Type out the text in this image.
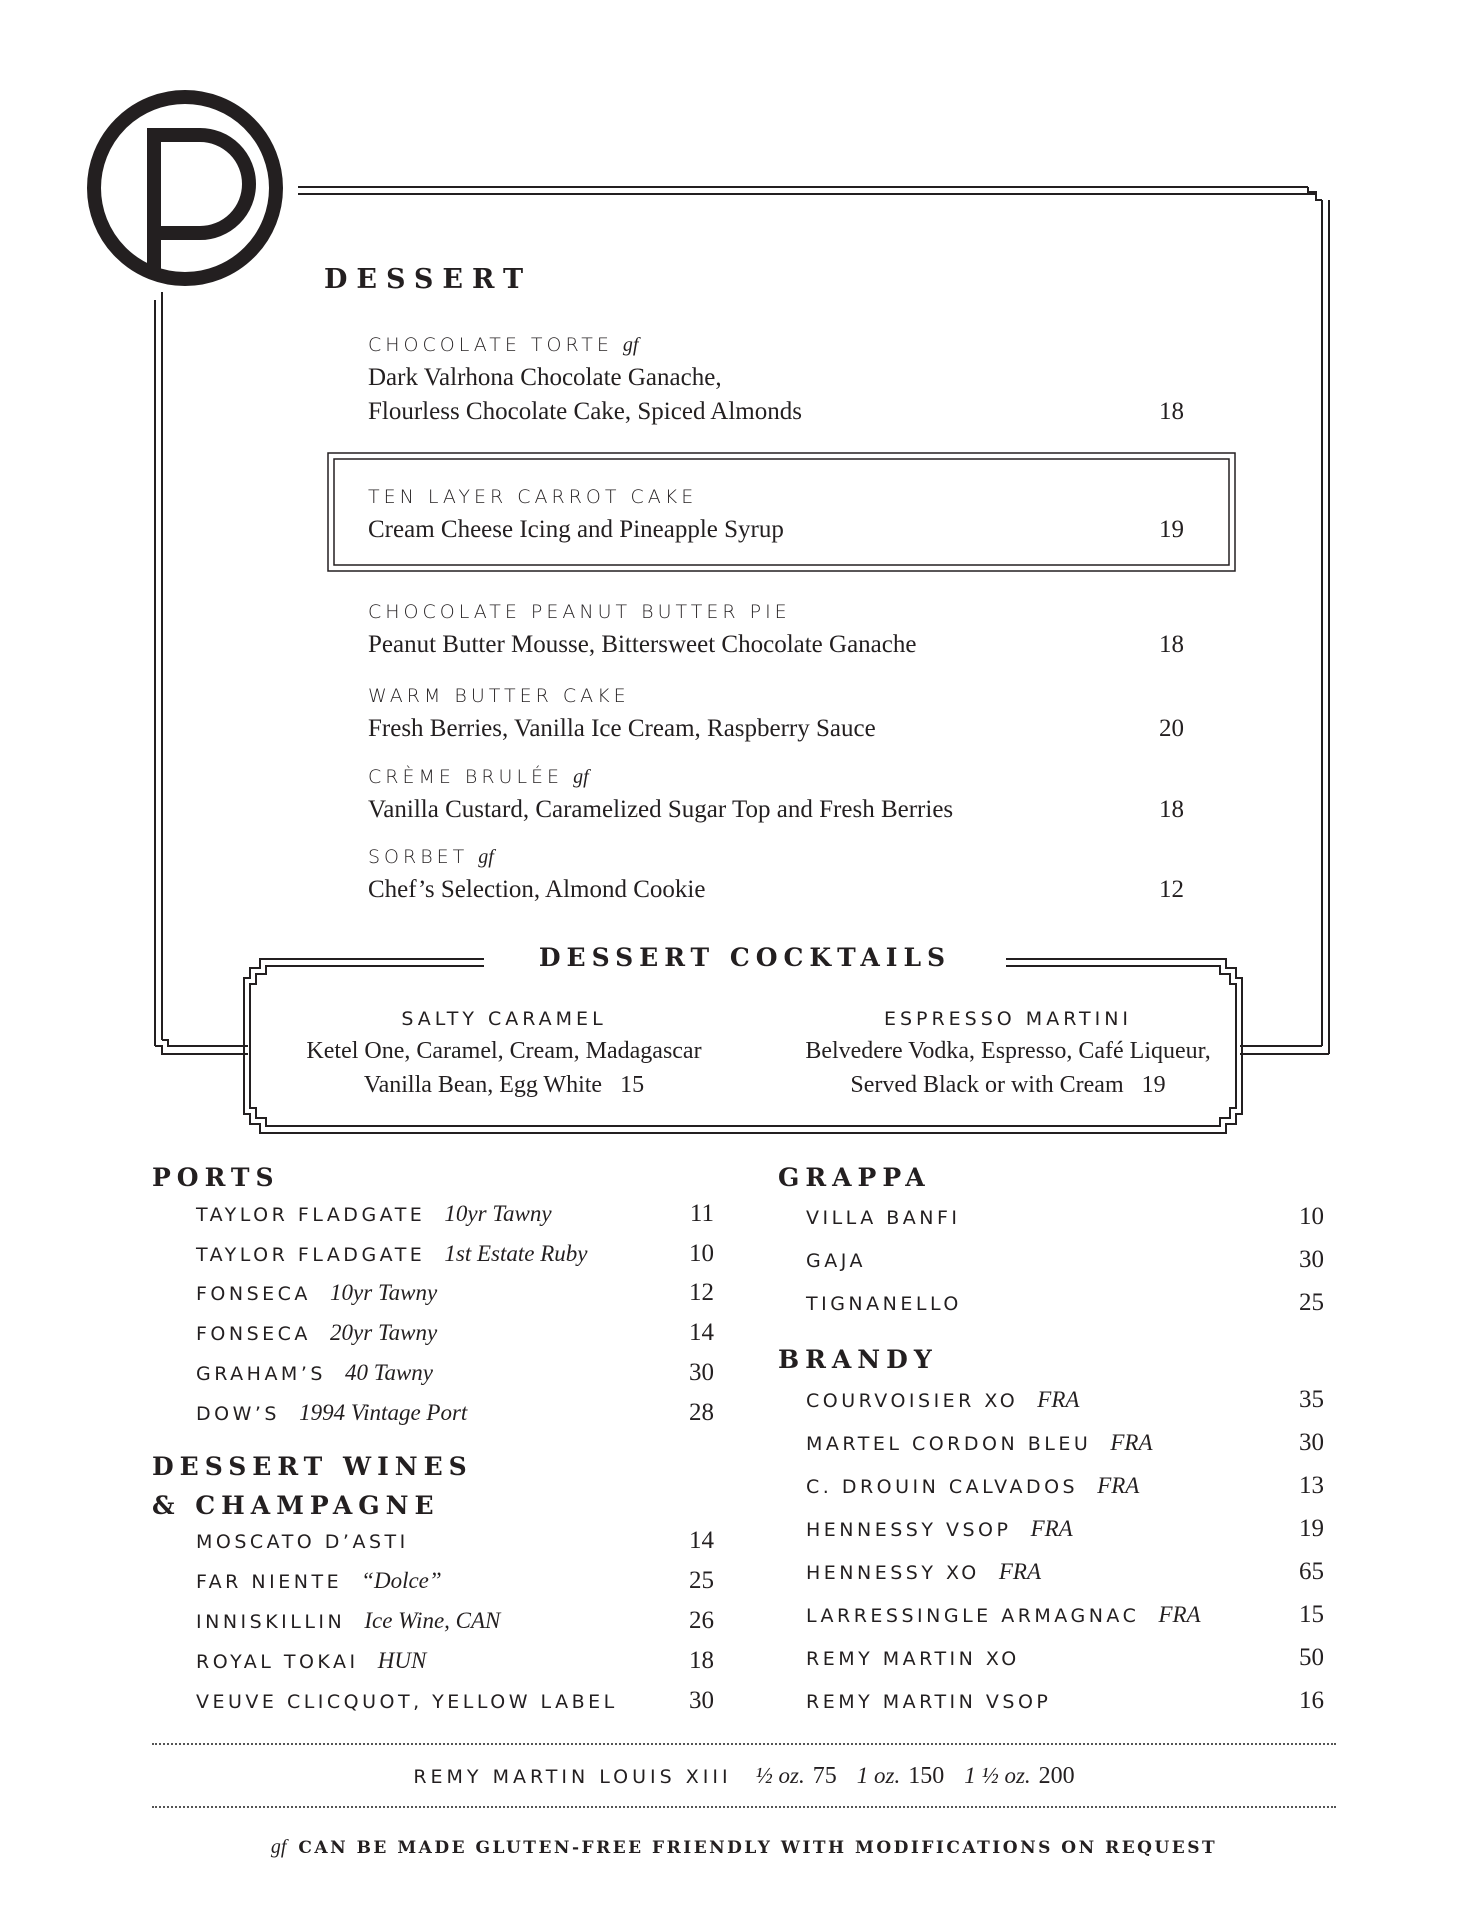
DESSERT
CHOCOLATE TORTE gf
Dark Valrhona Chocolate Ganache,
Flourless Chocolate Cake, Spiced Almonds	18
TEN LAYER CARROT CAKE
Cream Cheese Icing and Pineapple Syrup	19
CHOCOLATE PEANUT BUTTER PIE
Peanut Butter Mousse, Bittersweet Chocolate Ganache	18
WARM BUTTER CAKE
Fresh Berries, Vanilla Ice Cream, Raspberry Sauce	20
CRÈME BRULÉE gf
Vanilla Custard, Caramelized Sugar Top and Fresh Berries	18
SORBET gf
Chef’s Selection, Almond Cookie	12
DESSERT COCKTAILS
SALTY CARAMEL
Ketel One, Caramel, Cream, Madagascar
Vanilla Bean, Egg White 15
ESPRESSO MARTINI
Belvedere Vodka, Espresso, Café Liqueur,
Served Black or with Cream 19
PORTS
TAYLOR FLADGATE 10yr Tawny	11
TAYLOR FLADGATE 1st Estate Ruby	10
FONSECA 10yr Tawny	12
FONSECA 20yr Tawny	14
GRAHAM’S 40 Tawny	30
DOW’S 1994 Vintage Port	28
DESSERT WINES
& CHAMPAGNE
MOSCATO D’ASTI	14
FAR NIENTE “Dolce”	25
INNISKILLIN Ice Wine, CAN	26
ROYAL TOKAI HUN	18
VEUVE CLICQUOT, YELLOW LABEL	30
GRAPPA
VILLA BANFI	10
GAJA	30
TIGNANELLO	25
BRANDY
COURVOISIER XO FRA	35
MARTEL CORDON BLEU FRA	30
C. DROUIN CALVADOS FRA	13
HENNESSY VSOP FRA	19
HENNESSY XO FRA	65
LARRESSINGLE ARMAGNAC FRA	15
REMY MARTIN XO	50
REMY MARTIN VSOP	16
REMY MARTIN LOUIS XIII ½ oz. 75 1 oz. 150 1 ½ oz. 200
gf CAN BE MADE GLUTEN-FREE FRIENDLY WITH MODIFICATIONS ON REQUEST
